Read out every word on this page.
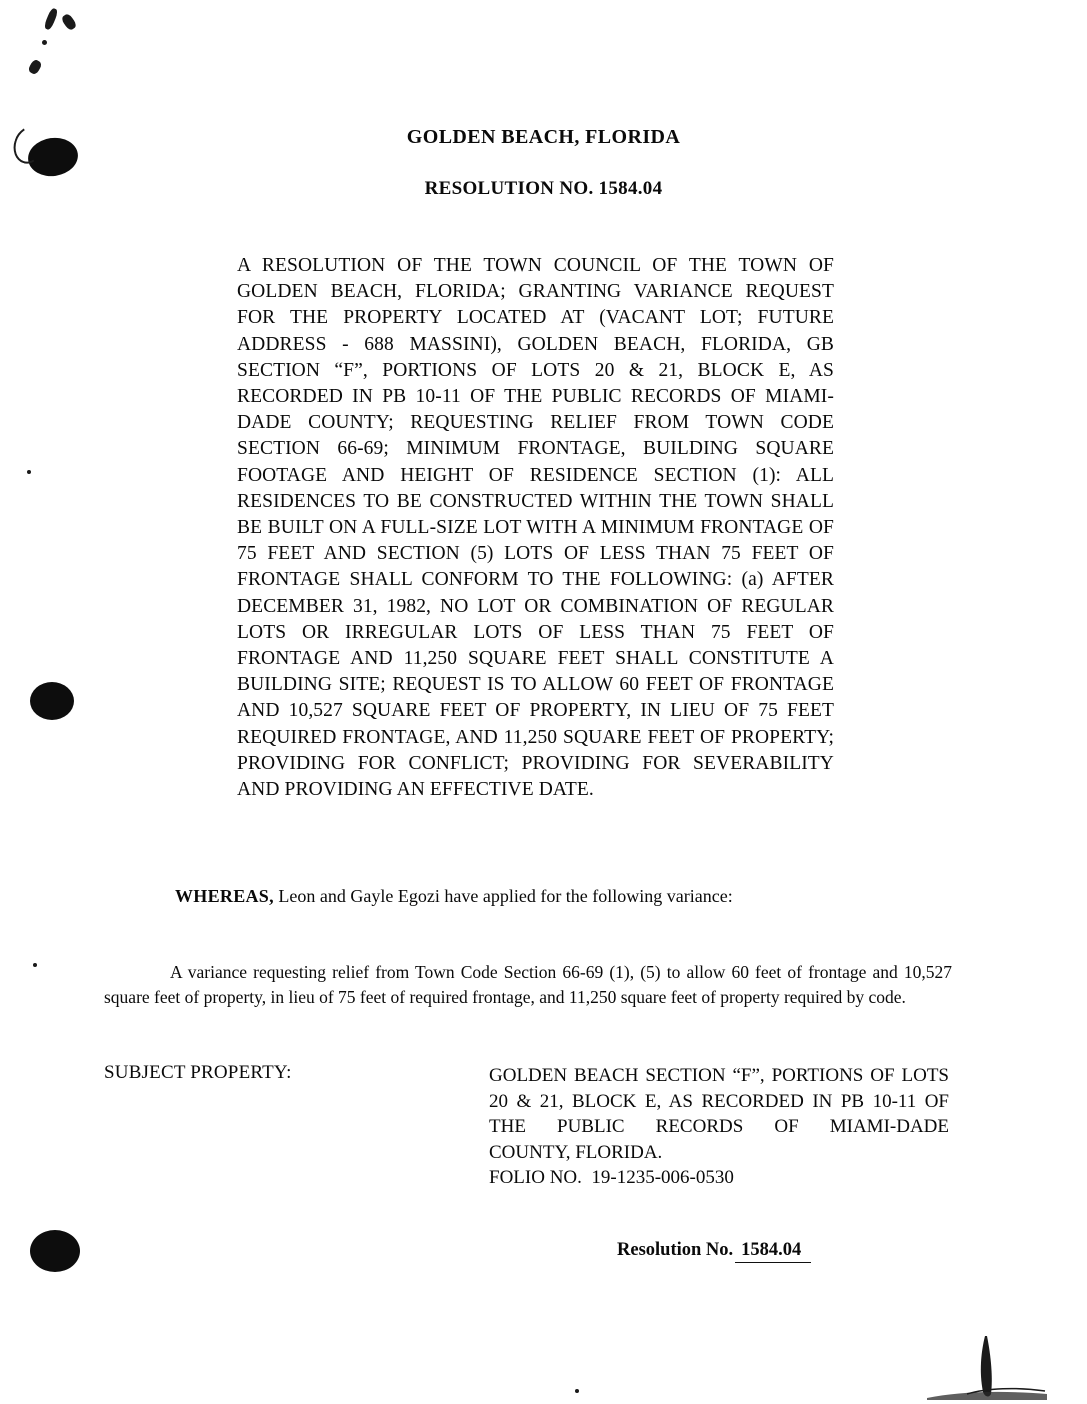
GOLDEN BEACH, FLORIDA
RESOLUTION NO. 1584.04
A RESOLUTION OF THE TOWN COUNCIL OF THE TOWN OF GOLDEN BEACH, FLORIDA; GRANTING VARIANCE REQUEST FOR THE PROPERTY LOCATED AT (VACANT LOT; FUTURE ADDRESS - 688 MASSINI), GOLDEN BEACH, FLORIDA, GB SECTION “F”, PORTIONS OF LOTS 20 & 21, BLOCK E, AS RECORDED IN PB 10-11 OF THE PUBLIC RECORDS OF MIAMI-DADE COUNTY; REQUESTING RELIEF FROM TOWN CODE SECTION 66-69; MINIMUM FRONTAGE, BUILDING SQUARE FOOTAGE AND HEIGHT OF RESIDENCE SECTION (1): ALL RESIDENCES TO BE CONSTRUCTED WITHIN THE TOWN SHALL BE BUILT ON A FULL-SIZE LOT WITH A MINIMUM FRONTAGE OF 75 FEET AND SECTION (5) LOTS OF LESS THAN 75 FEET OF FRONTAGE SHALL CONFORM TO THE FOLLOWING: (a) AFTER DECEMBER 31, 1982, NO LOT OR COMBINATION OF REGULAR LOTS OR IRREGULAR LOTS OF LESS THAN 75 FEET OF FRONTAGE AND 11,250 SQUARE FEET SHALL CONSTITUTE A BUILDING SITE; REQUEST IS TO ALLOW 60 FEET OF FRONTAGE AND 10,527 SQUARE FEET OF PROPERTY, IN LIEU OF 75 FEET REQUIRED FRONTAGE, AND 11,250 SQUARE FEET OF PROPERTY; PROVIDING FOR CONFLICT; PROVIDING FOR SEVERABILITY AND PROVIDING AN EFFECTIVE DATE.
WHEREAS, Leon and Gayle Egozi have applied for the following variance:
A variance requesting relief from Town Code Section 66-69 (1), (5) to allow 60 feet of frontage and 10,527 square feet of property, in lieu of 75 feet of required frontage, and 11,250 square feet of property required by code.
SUBJECT PROPERTY:	GOLDEN BEACH SECTION “F”, PORTIONS OF LOTS 20 & 21, BLOCK E, AS RECORDED IN PB 10-11 OF THE PUBLIC RECORDS OF MIAMI-DADE COUNTY, FLORIDA.
FOLIO NO.  19-1235-006-0530
Resolution No. 1584.04
